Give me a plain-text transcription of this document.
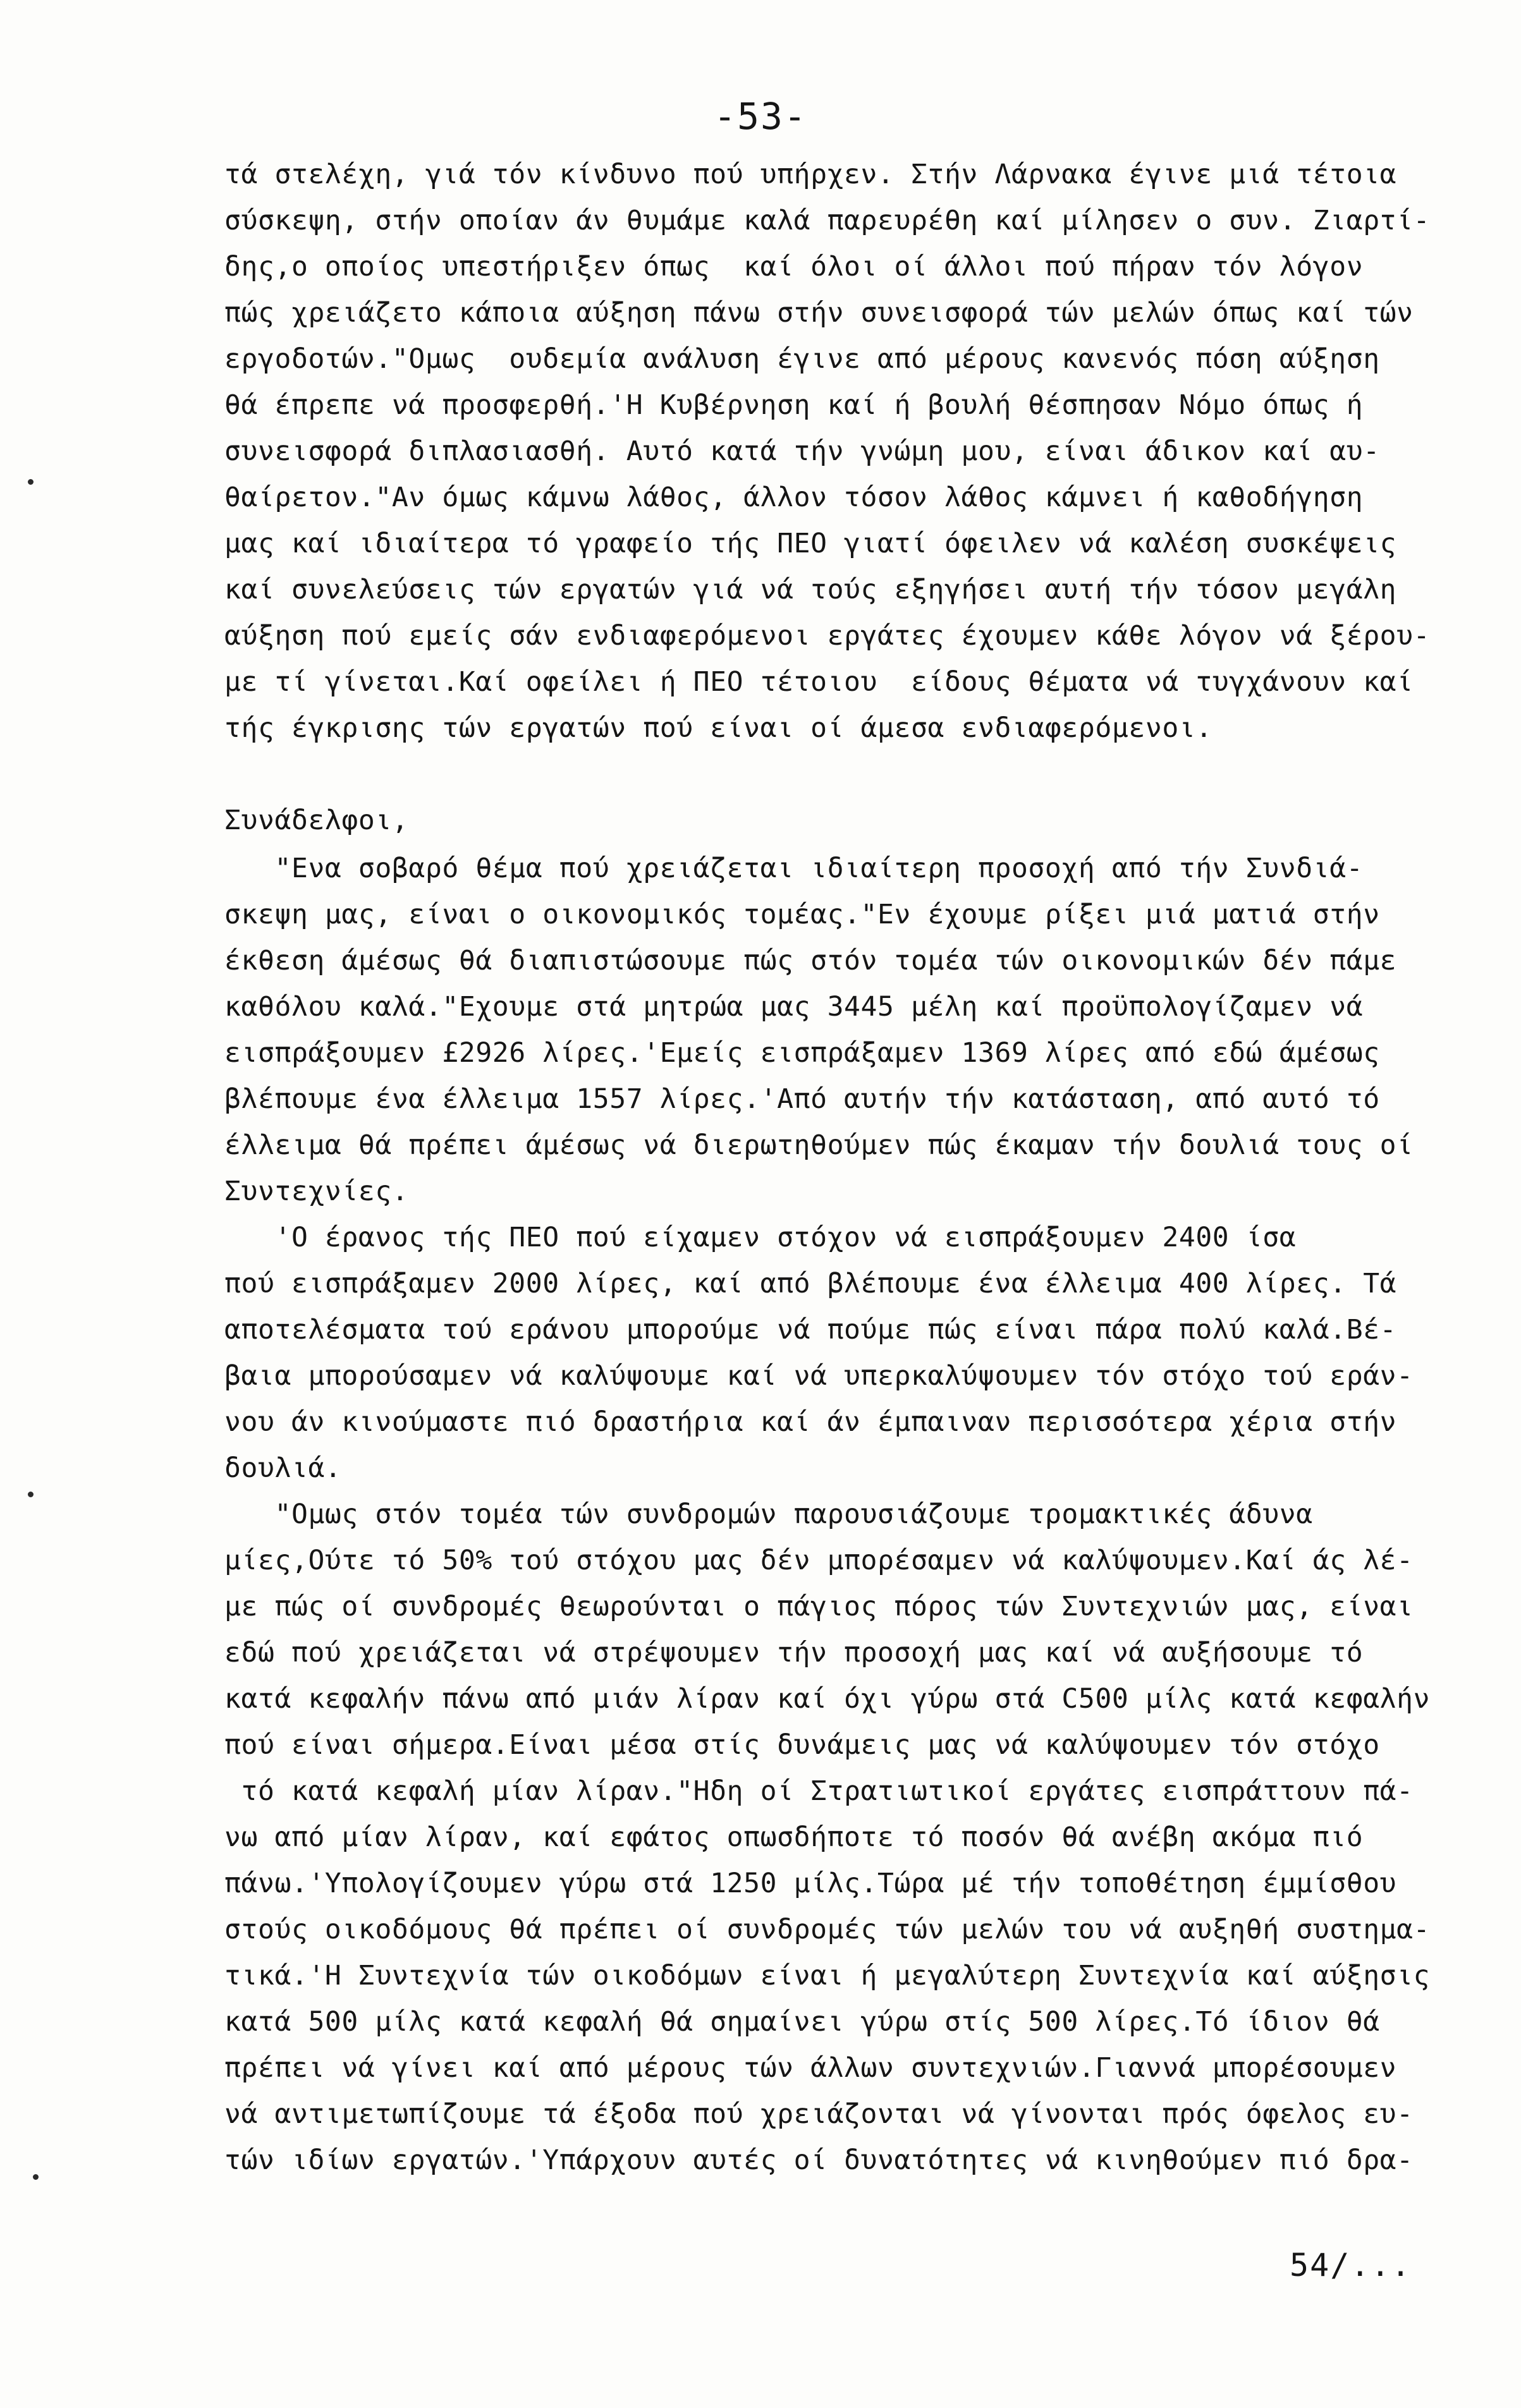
-53-
τά στελέχη, γιά τόν κίνδυνο πού υπήρχεν. Στήν Λάρνακα έγινε μιά τέτοια
σύσκεψη, στήν οποίαν άν θυμάμε καλά παρευρέθη καί μίλησεν ο συν. Ζιαρτί-
δης,ο οποίος υπεστήριξεν όπως  καί όλοι οί άλλοι πού πήραν τόν λόγον
πώς χρειάζετο κάποια αύξηση πάνω στήν συνεισφορά τών μελών όπως καί τών
εργοδοτών."Ομως  ουδεμία ανάλυση έγινε από μέρους κανενός πόση αύξηση
θά έπρεπε νά προσφερθή.'Η Κυβέρνηση καί ή βουλή θέσπησαν Νόμο όπως ή
συνεισφορά διπλασιασθή. Αυτό κατά τήν γνώμη μου, είναι άδικον καί αυ-
θαίρετον."Αν όμως κάμνω λάθος, άλλον τόσον λάθος κάμνει ή καθοδήγηση
μας καί ιδιαίτερα τό γραφείο τής ΠΕΟ γιατί όφειλεν νά καλέση συσκέψεις
καί συνελεύσεις τών εργατών γιά νά τούς εξηγήσει αυτή τήν τόσον μεγάλη
αύξηση πού εμείς σάν ενδιαφερόμενοι εργάτες έχουμεν κάθε λόγον νά ξέρου-
με τί γίνεται.Καί οφείλει ή ΠΕΟ τέτοιου  είδους θέματα νά τυγχάνουν καί
τής έγκρισης τών εργατών πού είναι οί άμεσα ενδιαφερόμενοι.

Συνάδελφοι,
"Ενα σοβαρό θέμα πού χρειάζεται ιδιαίτερη προσοχή από τήν Συνδιά-
σκεψη μας, είναι ο οικονομικός τομέας."Εν έχουμε ρίξει μιά ματιά στήν
έκθεση άμέσως θά διαπιστώσουμε πώς στόν τομέα τών οικονομικών δέν πάμε
καθόλου καλά."Εχουμε στά μητρώα μας 3445 μέλη καί προϋπολογίζαμεν νά
εισπράξουμεν £2926 λίρες.'Εμείς εισπράξαμεν 1369 λίρες από εδώ άμέσως
βλέπουμε ένα έλλειμα 1557 λίρες.'Από αυτήν τήν κατάσταση, από αυτό τό
έλλειμα θά πρέπει άμέσως νά διερωτηθούμεν πώς έκαμαν τήν δουλιά τους οί
Συντεχνίες.
'Ο έρανος τής ΠΕΟ πού είχαμεν στόχον νά εισπράξουμεν 2400 ίσα
πού εισπράξαμεν 2000 λίρες, καί από βλέπουμε ένα έλλειμα 400 λίρες. Τά
αποτελέσματα τού εράνου μπορούμε νά πούμε πώς είναι πάρα πολύ καλά.Βέ-
βαια μπορούσαμεν νά καλύψουμε καί νά υπερκαλύψουμεν τόν στόχο τού εράν-
νου άν κινούμαστε πιό δραστήρια καί άν έμπαιναν περισσότερα χέρια στήν
δουλιά.
"Ομως στόν τομέα τών συνδρομών παρουσιάζουμε τρομακτικές άδυνα
μίες,Ούτε τό 50% τού στόχου μας δέν μπορέσαμεν νά καλύψουμεν.Καί άς λέ-
με πώς οί συνδρομές θεωρούνται ο πάγιος πόρος τών Συντεχνιών μας, είναι
εδώ πού χρειάζεται νά στρέψουμεν τήν προσοχή μας καί νά αυξήσουμε τό
κατά κεφαλήν πάνω από μιάν λίραν καί όχι γύρω στά C500 μίλς κατά κεφαλήν
πού είναι σήμερα.Είναι μέσα στίς δυνάμεις μας νά καλύψουμεν τόν στόχο
τό κατά κεφαλή μίαν λίραν."Ηδη οί Στρατιωτικοί εργάτες εισπράττουν πά-
νω από μίαν λίραν, καί εφάτος οπωσδήποτε τό ποσόν θά ανέβη ακόμα πιό
πάνω.'Υπολογίζουμεν γύρω στά 1250 μίλς.Τώρα μέ τήν τοποθέτηση έμμίσθου
στούς οικοδόμους θά πρέπει οί συνδρομές τών μελών του νά αυξηθή συστημα-
τικά.'Η Συντεχνία τών οικοδόμων είναι ή μεγαλύτερη Συντεχνία καί αύξησις
κατά 500 μίλς κατά κεφαλή θά σημαίνει γύρω στίς 500 λίρες.Τό ίδιον θά
πρέπει νά γίνει καί από μέρους τών άλλων συντεχνιών.Γιαννά μπορέσουμεν
νά αντιμετωπίζουμε τά έξοδα πού χρειάζονται νά γίνονται πρός όφελος ευ-
τών ιδίων εργατών.'Υπάρχουν αυτές οί δυνατότητες νά κινηθούμεν πιό δρα-
54/...
